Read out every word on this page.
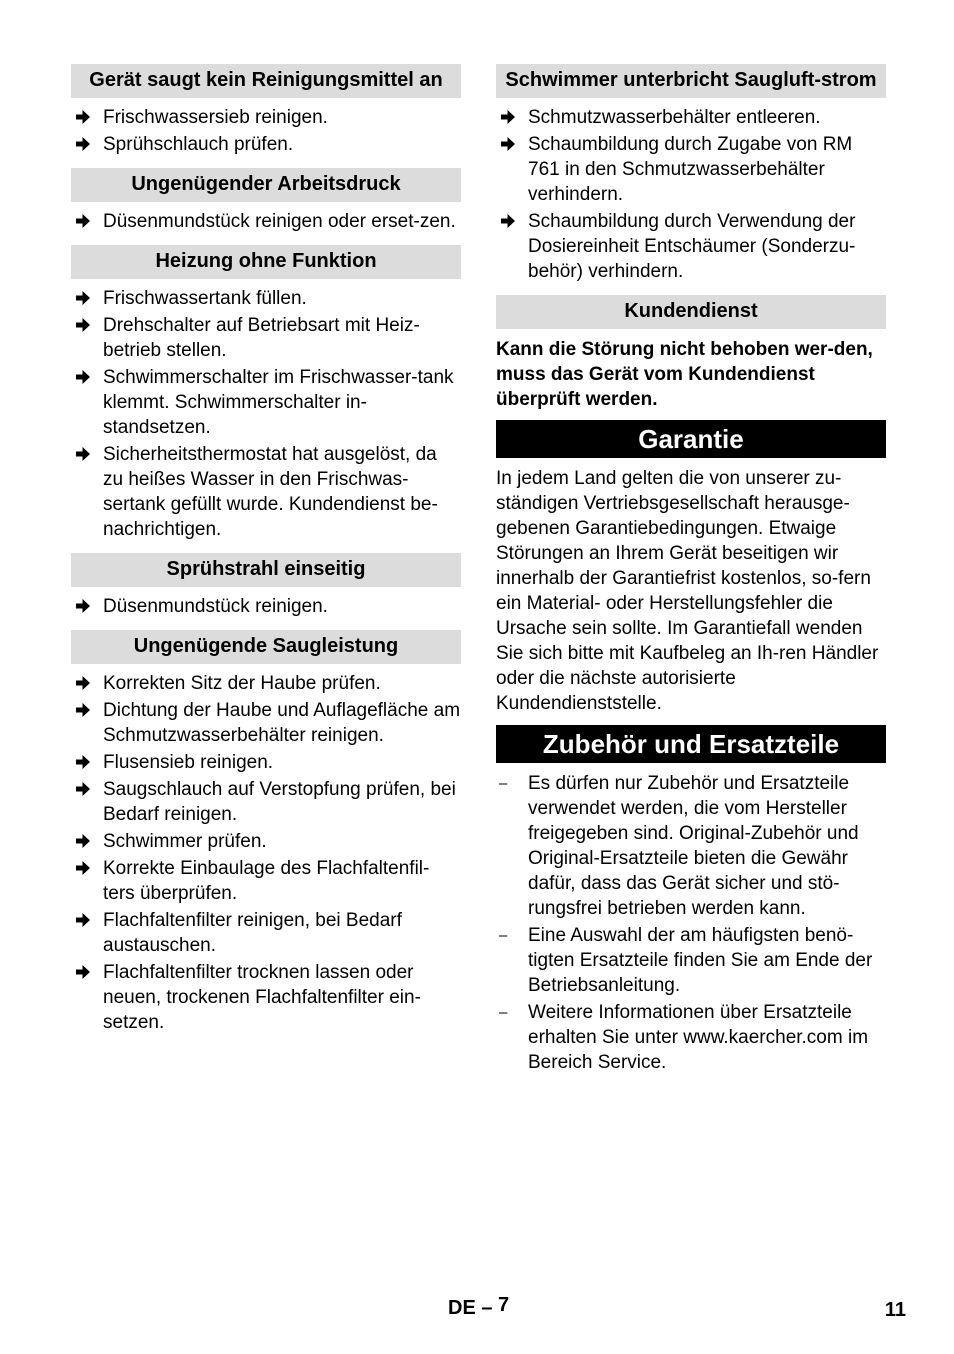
Gerät saugt kein Reinigungsmittel an
Frischwassersieb reinigen.
Sprühschlauch prüfen.
Ungenügender Arbeitsdruck
Düsenmundstück reinigen oder erset-zen.
Heizung ohne Funktion
Frischwassertank füllen.
Drehschalter auf Betriebsart mit Heiz-betrieb stellen.
Schwimmerschalter im Frischwasser-tank klemmt. Schwimmerschalter in-standsetzen.
Sicherheitsthermostat hat ausgelöst, da zu heißes Wasser in den Frischwas-sertank gefüllt wurde. Kundendienst be-nachrichtigen.
Sprühstrahl einseitig
Düsenmundstück reinigen.
Ungenügende Saugleistung
Korrekten Sitz der Haube prüfen.
Dichtung der Haube und Auflagefläche am Schmutzwasserbehälter reinigen.
Flusensieb reinigen.
Saugschlauch auf Verstopfung prüfen, bei Bedarf reinigen.
Schwimmer prüfen.
Korrekte Einbaulage des Flachfaltenfil-ters überprüfen.
Flachfaltenfilter reinigen, bei Bedarf austauschen.
Flachfaltenfilter trocknen lassen oder neuen, trockenen Flachfaltenfilter ein-setzen.
Schwimmer unterbricht Saugluft-strom
Schmutzwasserbehälter entleeren.
Schaumbildung durch Zugabe von RM 761 in den Schmutzwasserbehälter verhindern.
Schaumbildung durch Verwendung der Dosiereinheit Entschäumer (Sonderzu-behör) verhindern.
Kundendienst
Kann die Störung nicht behoben wer-den, muss das Gerät vom Kundendienst überprüft werden.
Garantie
In jedem Land gelten die von unserer zu-ständigen Vertriebsgesellschaft herausge-gebenen Garantiebedingungen. Etwaige Störungen an Ihrem Gerät beseitigen wir innerhalb der Garantiefrist kostenlos, so-fern ein Material- oder Herstellungsfehler die Ursache sein sollte. Im Garantiefall wenden Sie sich bitte mit Kaufbeleg an Ih-ren Händler oder die nächste autorisierte Kundendienststelle.
Zubehör und Ersatzteile
– Es dürfen nur Zubehör und Ersatzteile verwendet werden, die vom Hersteller freigegeben sind. Original-Zubehör und Original-Ersatzteile bieten die Gewähr dafür, dass das Gerät sicher und stö-rungsfrei betrieben werden kann.
– Eine Auswahl der am häufigsten benö-tigten Ersatzteile finden Sie am Ende der Betriebsanleitung.
– Weitere Informationen über Ersatzteile erhalten Sie unter www.kaercher.com im Bereich Service.
DE – 7	11
